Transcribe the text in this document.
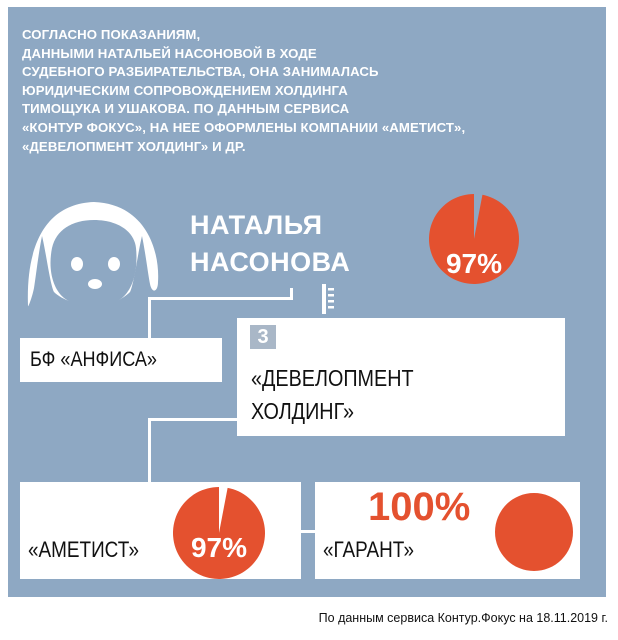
СОГЛАСНО ПОКАЗАНИЯМ,
ДАННЫМИ НАТАЛЬЕЙ НАСОНОВОЙ В ХОДЕ
СУДЕБНОГО РАЗБИРАТЕЛЬСТВА, ОНА ЗАНИМАЛАСЬ
ЮРИДИЧЕСКИМ СОПРОВОЖДЕНИЕМ ХОЛДИНГА
ТИМОЩУКА И УШАКОВА. ПО ДАННЫМ СЕРВИСА
«КОНТУР ФОКУС», НА НЕЕ ОФОРМЛЕНЫ КОМПАНИИ «АМЕТИСТ»,
«ДЕВЕЛОПМЕНТ ХОЛДИНГ» И ДР.
НАТАЛЬЯ
НАСОНОВА	97%
БФ «АНФИСА»
«ДЕВЕЛОПМЕНТ
ХОЛДИНГ»
3
«АМЕТИСТ»	97%	«ГАРАНТ»
100%
По данным сервиса Контур.Фокус на 18.11.2019 г.
